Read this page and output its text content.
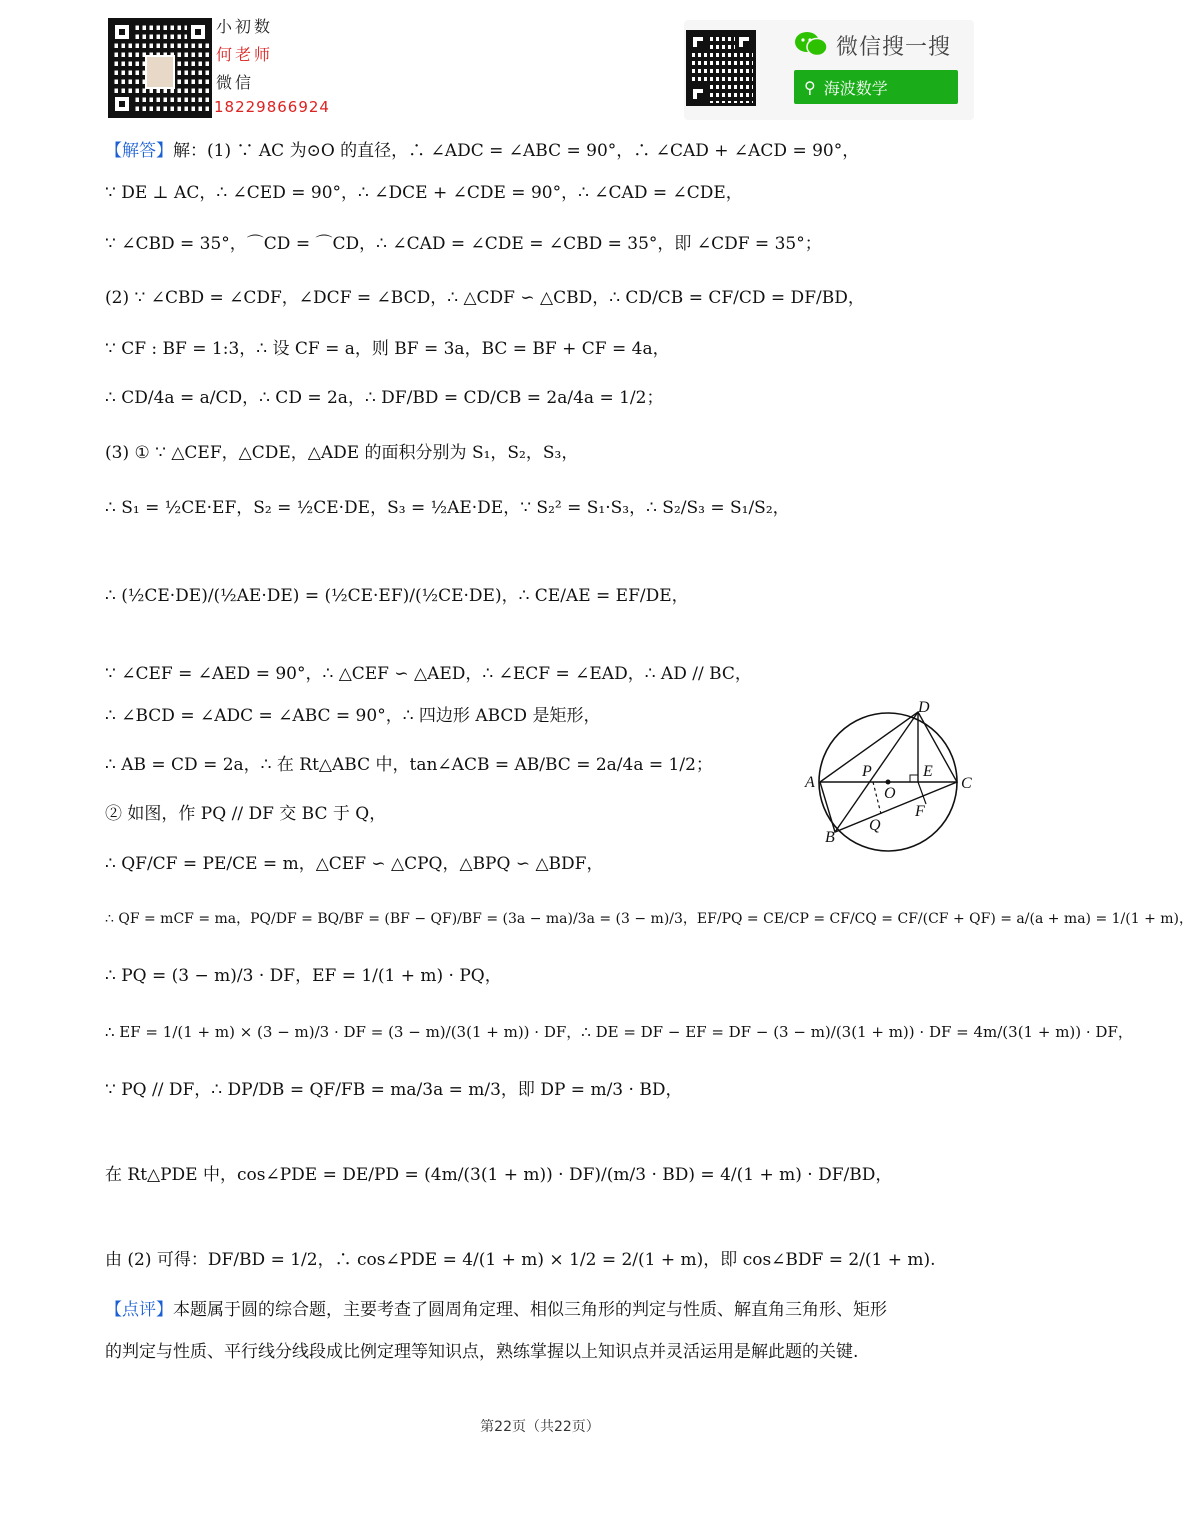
小初数
何老师
微信
18229866924
微信搜一搜
⚲ 海波数学
【解答】解：(1) ∵ AC 为⊙O 的直径，∴ ∠ADC = ∠ABC = 90°，∴ ∠CAD + ∠ACD = 90°，
∵ DE ⊥ AC，∴ ∠CED = 90°，∴ ∠DCE + ∠CDE = 90°，∴ ∠CAD = ∠CDE，
∵ ∠CBD = 35°，⌒CD = ⌒CD，∴ ∠CAD = ∠CDE = ∠CBD = 35°，即 ∠CDF = 35°；
(2) ∵ ∠CBD = ∠CDF，∠DCF = ∠BCD，∴ △CDF ∽ △CBD，∴ CD/CB = CF/CD = DF/BD，
∵ CF : BF = 1:3，∴ 设 CF = a，则 BF = 3a，BC = BF + CF = 4a，
∴ CD/4a = a/CD，∴ CD = 2a，∴ DF/BD = CD/CB = 2a/4a = 1/2；
(3) ① ∵ △CEF，△CDE，△ADE 的面积分别为 S₁，S₂，S₃，
∴ S₁ = ½CE·EF，S₂ = ½CE·DE，S₃ = ½AE·DE，∵ S₂² = S₁·S₃，∴ S₂/S₃ = S₁/S₂，
∴ (½CE·DE)/(½AE·DE) = (½CE·EF)/(½CE·DE)，∴ CE/AE = EF/DE，
∵ ∠CEF = ∠AED = 90°，∴ △CEF ∽ △AED，∴ ∠ECF = ∠EAD，∴ AD // BC，
∴ ∠BCD = ∠ADC = ∠ABC = 90°，∴ 四边形 ABCD 是矩形，
∴ AB = CD = 2a，∴ 在 Rt△ABC 中，tan∠ACB = AB/BC = 2a/4a = 1/2；
② 如图，作 PQ // DF 交 BC 于 Q，
∴ QF/CF = PE/CE = m，△CEF ∽ △CPQ，△BPQ ∽ △BDF，
∴ QF = mCF = ma，PQ/DF = BQ/BF = (BF − QF)/BF = (3a − ma)/3a = (3 − m)/3，EF/PQ = CE/CP = CF/CQ = CF/(CF + QF) = a/(a + ma) = 1/(1 + m)，
∴ PQ = (3 − m)/3 · DF，EF = 1/(1 + m) · PQ，
∴ EF = 1/(1 + m) × (3 − m)/3 · DF = (3 − m)/(3(1 + m)) · DF，∴ DE = DF − EF = DF − (3 − m)/(3(1 + m)) · DF = 4m/(3(1 + m)) · DF，
∵ PQ // DF，∴ DP/DB = QF/FB = ma/3a = m/3，即 DP = m/3 · BD，
在 Rt△PDE 中，cos∠PDE = DE/PD = (4m/(3(1 + m)) · DF)/(m/3 · BD) = 4/(1 + m) · DF/BD，
由 (2) 可得：DF/BD = 1/2，∴ cos∠PDE = 4/(1 + m) × 1/2 = 2/(1 + m)，即 cos∠BDF = 2/(1 + m).
【点评】本题属于圆的综合题，主要考查了圆周角定理、相似三角形的判定与性质、解直角三角形、矩形
的判定与性质、平行线分线段成比例定理等知识点，熟练掌握以上知识点并灵活运用是解此题的关键.
D
A
P	E
C
O
F
Q
B
第22页（共22页）
